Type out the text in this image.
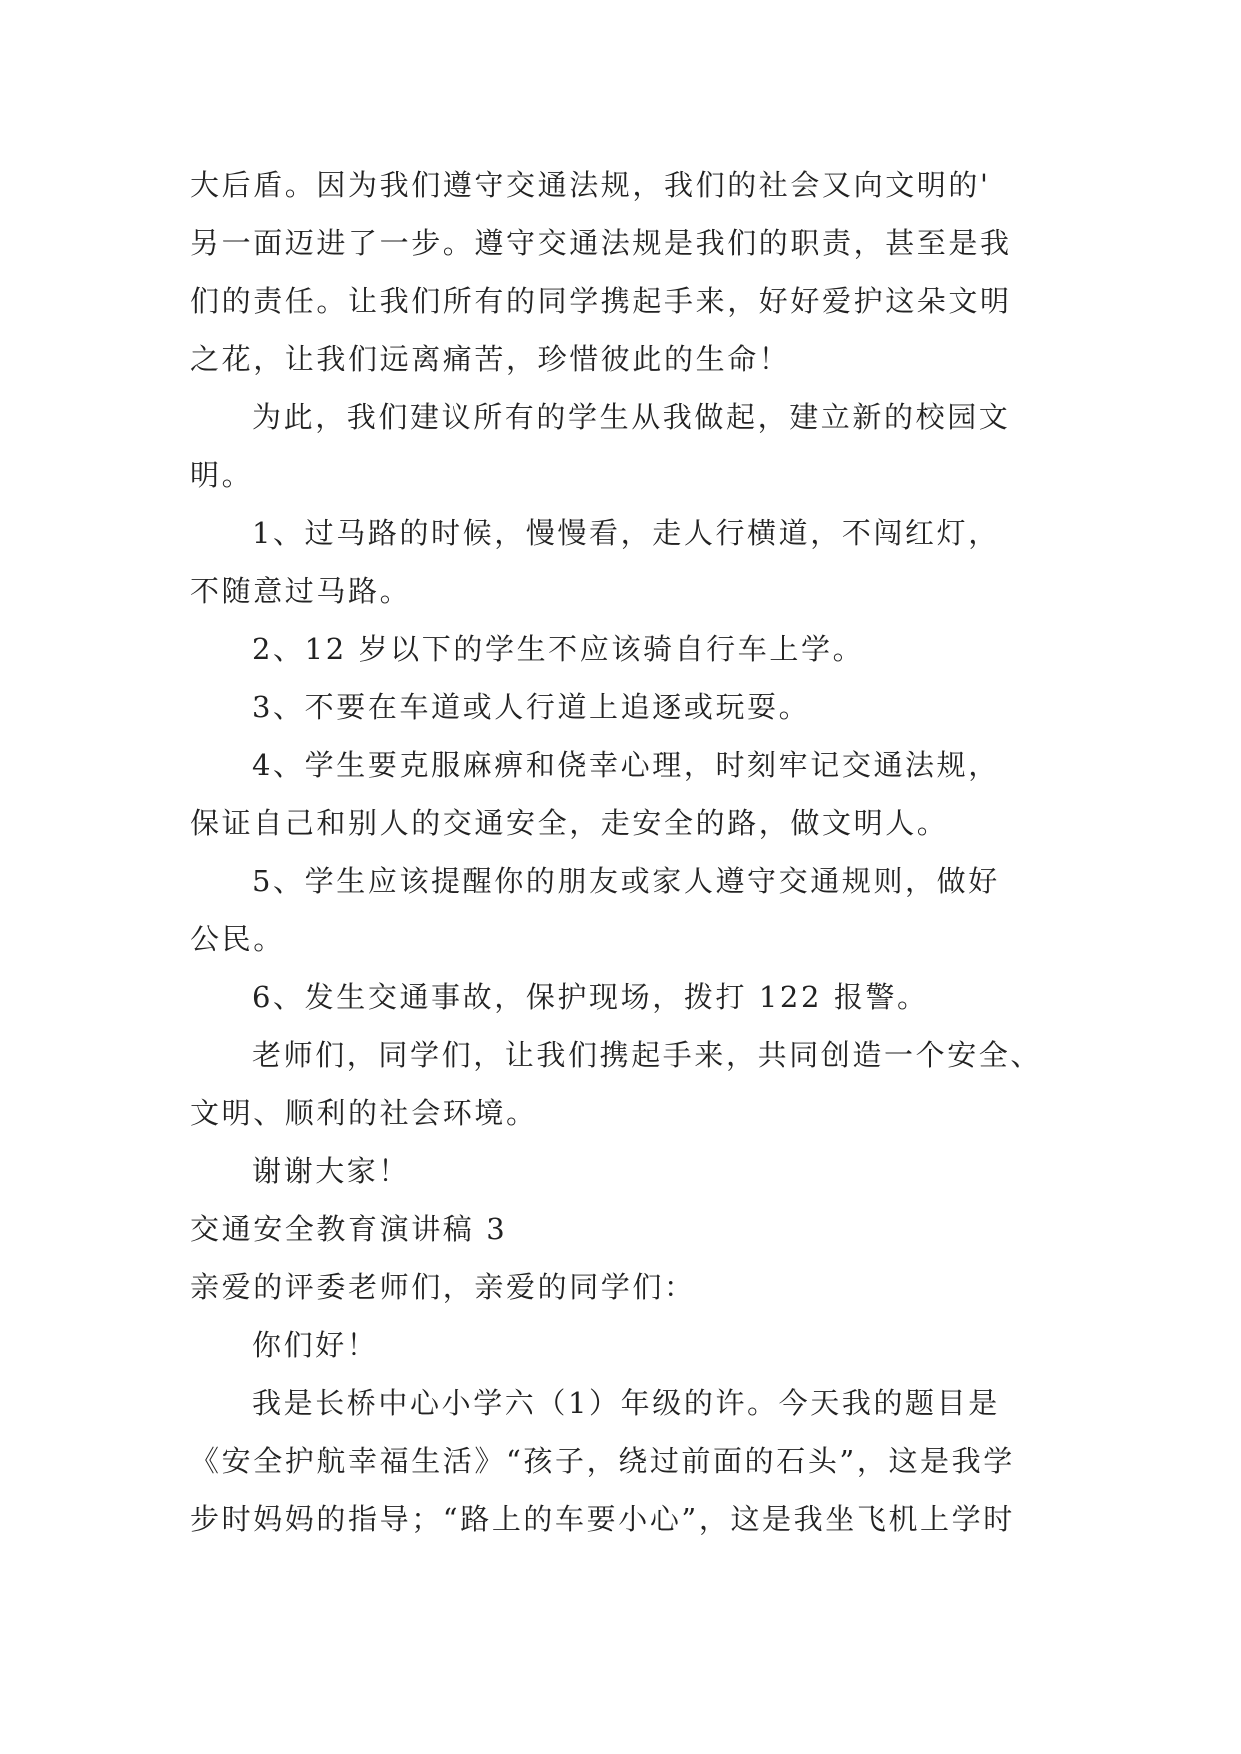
大后盾。因为我们遵守交通法规，我们的社会又向文明的'
另一面迈进了一步。遵守交通法规是我们的职责，甚至是我
们的责任。让我们所有的同学携起手来，好好爱护这朵文明
之花，让我们远离痛苦，珍惜彼此的生命！
为此，我们建议所有的学生从我做起，建立新的校园文
明。
1、过马路的时候，慢慢看，走人行横道，不闯红灯，
不随意过马路。
2、12 岁以下的学生不应该骑自行车上学。
3、不要在车道或人行道上追逐或玩耍。
4、学生要克服麻痹和侥幸心理，时刻牢记交通法规，
保证自己和别人的交通安全，走安全的路，做文明人。
5、学生应该提醒你的朋友或家人遵守交通规则，做好
公民。
6、发生交通事故，保护现场，拨打 122 报警。
老师们，同学们，让我们携起手来，共同创造一个安全、
文明、顺利的社会环境。
谢谢大家！
交通安全教育演讲稿 3
亲爱的评委老师们，亲爱的同学们：
你们好！
我是长桥中心小学六（1）年级的许。今天我的题目是
《安全护航幸福生活》“孩子，绕过前面的石头”，这是我学
步时妈妈的指导；“路上的车要小心”，这是我坐飞机上学时
